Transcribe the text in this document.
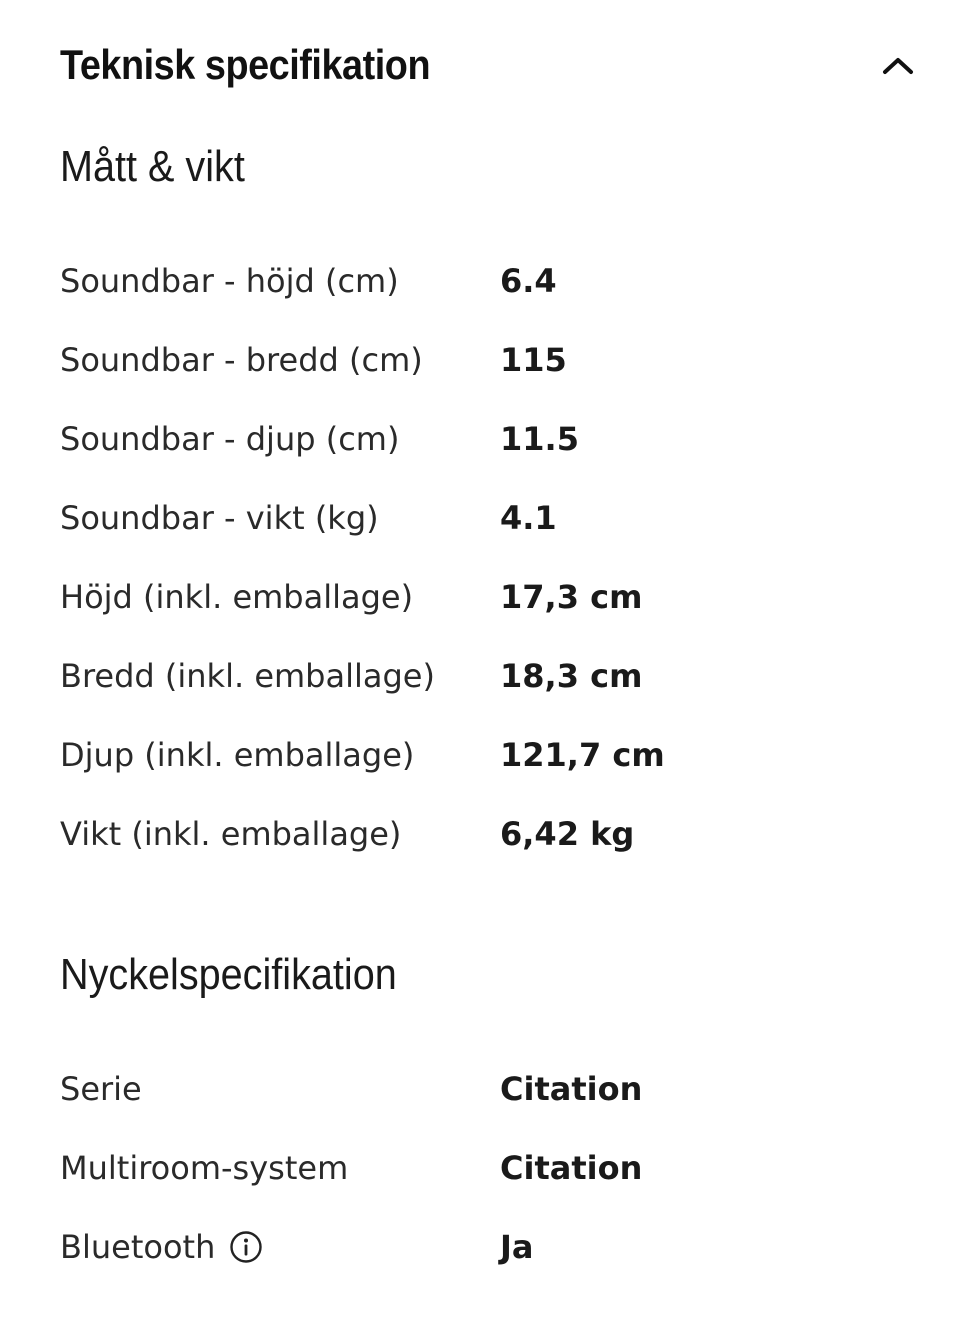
Teknisk specifikation
Mått & vikt
Soundbar - höjd (cm)	6.4
Soundbar - bredd (cm)	115
Soundbar - djup (cm)	11.5
Soundbar - vikt (kg)	4.1
Höjd (inkl. emballage)	17,3 cm
Bredd (inkl. emballage)	18,3 cm
Djup (inkl. emballage)	121,7 cm
Vikt (inkl. emballage)	6,42 kg
Nyckelspecifikation
Serie	Citation
Multiroom-system	Citation
Bluetooth	Ja
